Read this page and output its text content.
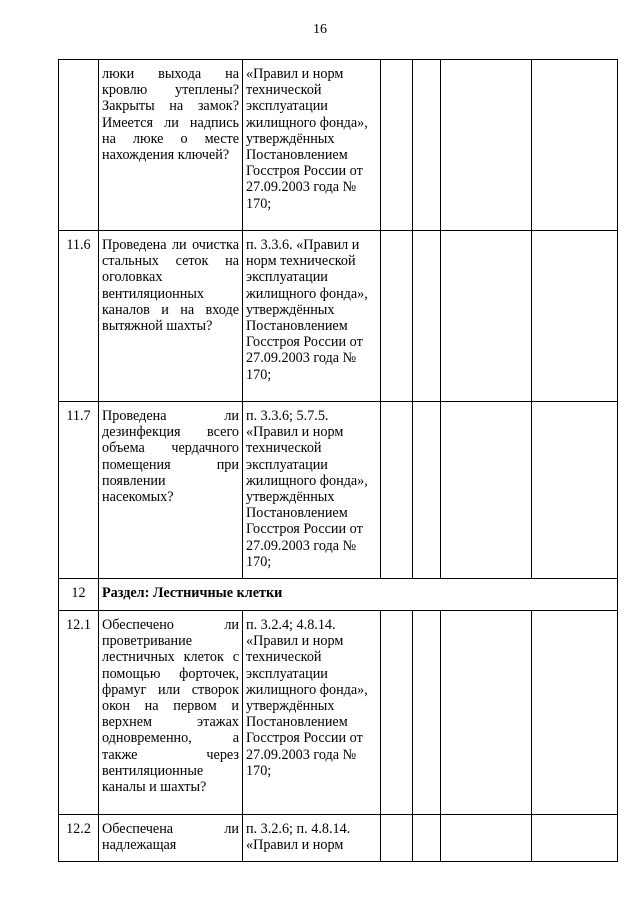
16
	люки выхода на кровлю утеплены? Закрыты на замок? Имеется ли надпись на люке о месте нахождения ключей?	«Правил и норм технической эксплуатации жилищного фонда», утверждённых Постановлением Госстроя России от 27.09.2003 года № 170;				
11.6	Проведена ли очистка стальных сеток на оголовках вентиляционных каналов и на входе вытяжной шахты?	п. 3.3.6. «Правил и норм технической эксплуатации жилищного фонда», утверждённых Постановлением Госстроя России от 27.09.2003 года № 170;				
11.7	Проведена ли дезинфекция всего объема чердачного помещения при появлении насекомых?	п. 3.3.6; 5.7.5. «Правил и норм технической эксплуатации жилищного фонда», утверждённых Постановлением Госстроя России от 27.09.2003 года № 170;				
12	Раздел: Лестничные клетки					
12.1	Обеспечено ли проветривание лестничных клеток с помощью форточек, фрамуг или створок окон на первом и верхнем этажах одновременно, а также через вентиляционные каналы и шахты?	п. 3.2.4; 4.8.14. «Правил и норм технической эксплуатации жилищного фонда», утверждённых Постановлением Госстроя России от 27.09.2003 года № 170;				
12.2	Обеспечена ли надлежащая	п. 3.2.6; п. 4.8.14. «Правил и норм				
